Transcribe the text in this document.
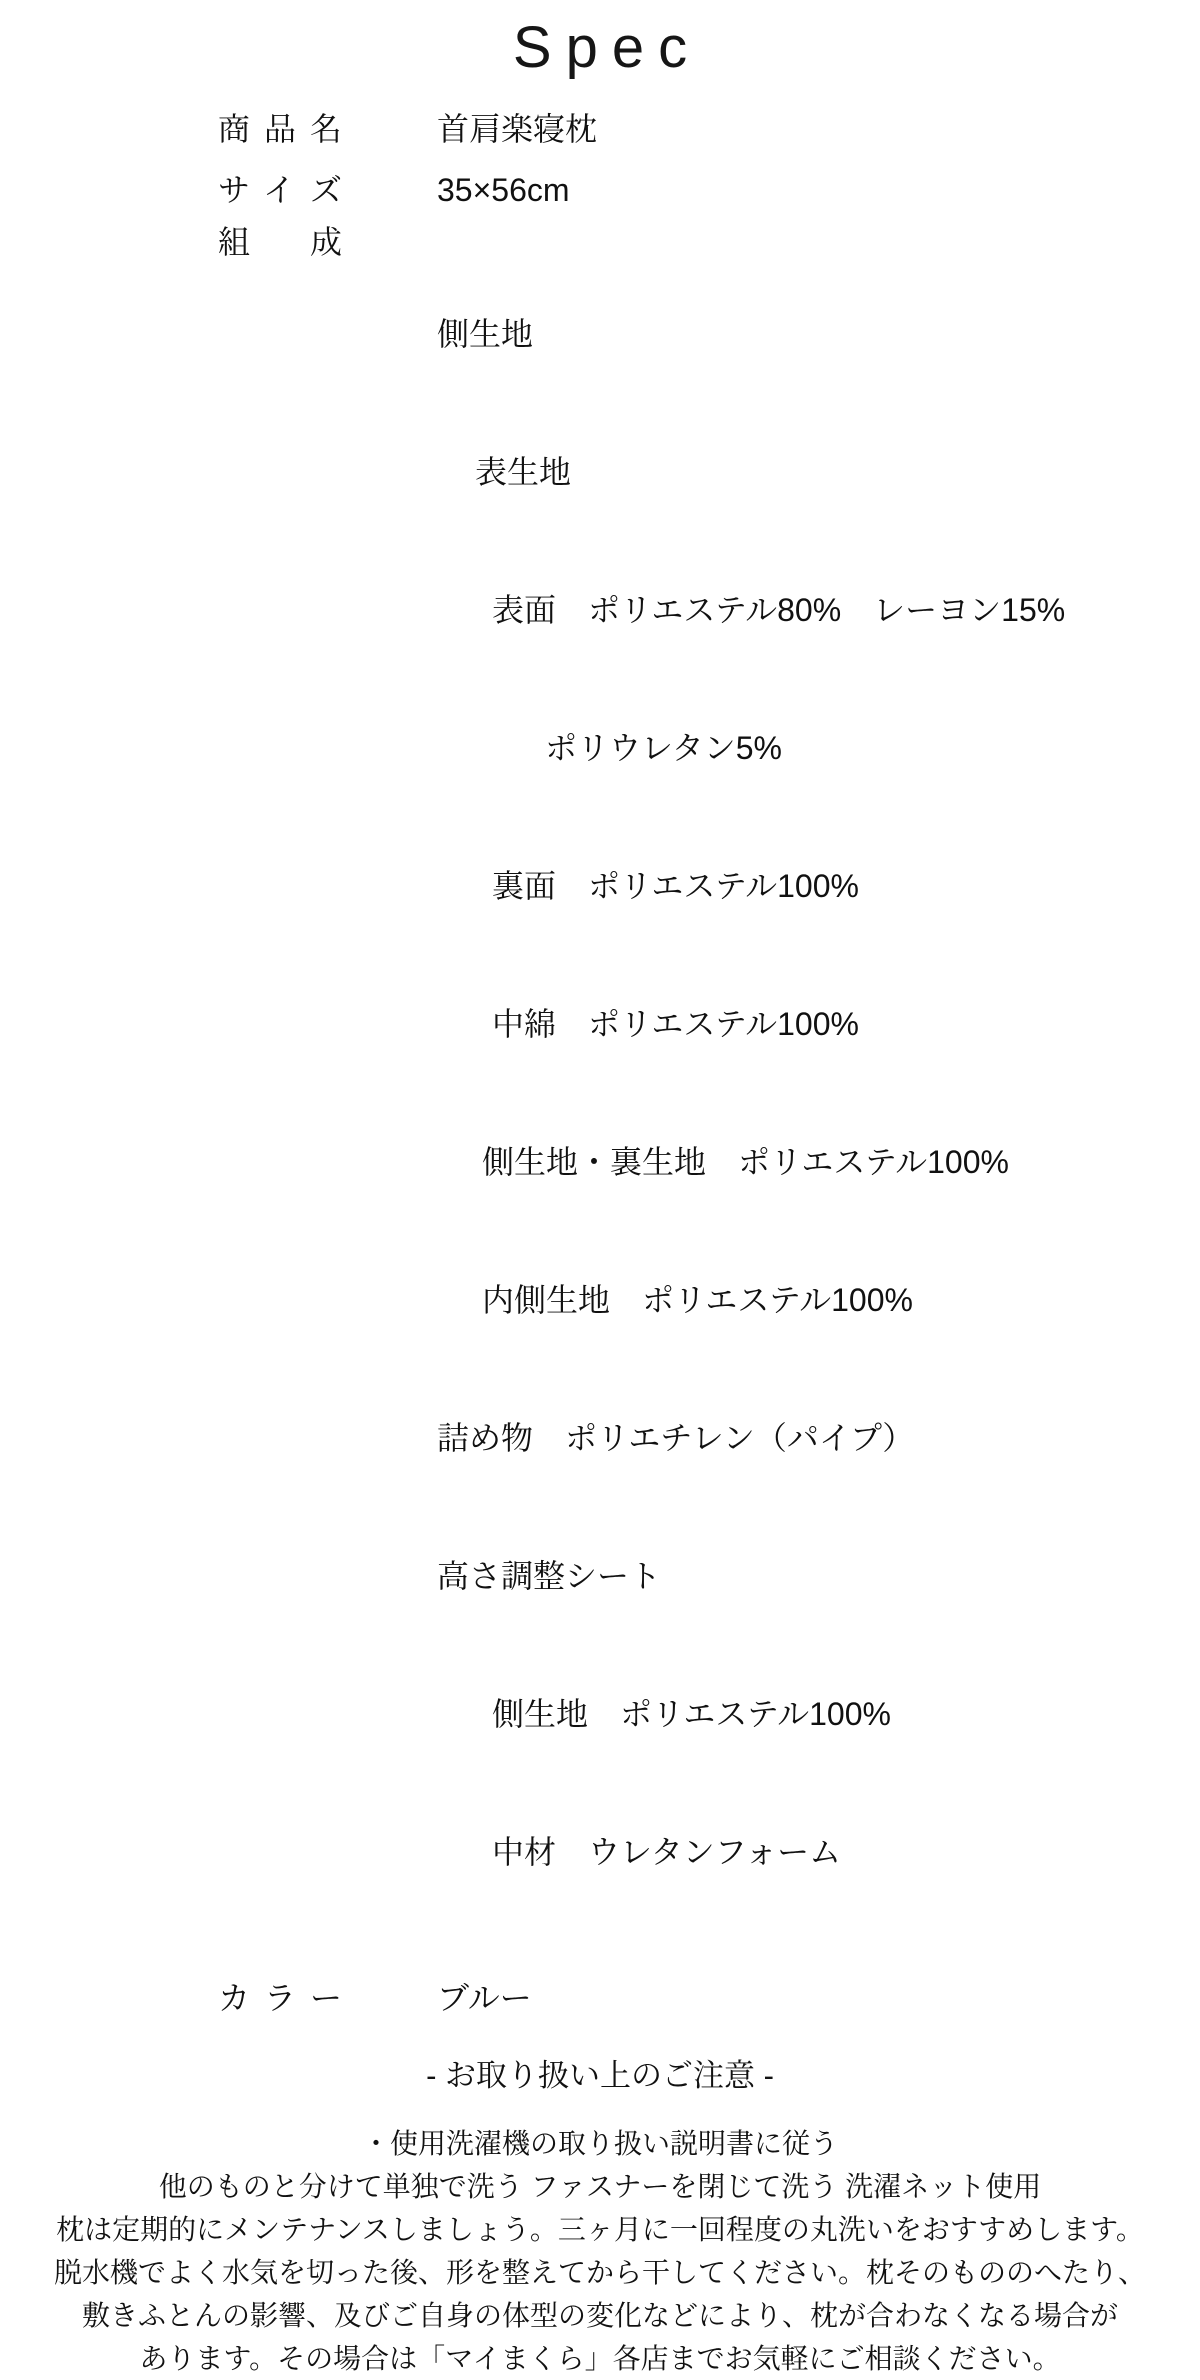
Spec
商品名	首肩楽寝枕
サイズ	35×56cm
組成

側生地

表生地

表面　ポリエステル80%　レーヨン15%

ポリウレタン5%

裏面　ポリエステル100%

中綿　ポリエステル100%

側生地・裏生地　ポリエステル100%

内側生地　ポリエステル100%

詰め物　ポリエチレン（パイプ）

高さ調整シート

側生地　ポリエステル100%

中材　ウレタンフォーム

カラー	ブルー
- お取り扱い上のご注意 -
・使用洗濯機の取り扱い説明書に従う
他のものと分けて単独で洗う ファスナーを閉じて洗う 洗濯ネット使用
枕は定期的にメンテナンスしましょう。三ヶ月に一回程度の丸洗いをおすすめします。
脱水機でよく水気を切った後、形を整えてから干してください。枕そのもののへたり、
敷きふとんの影響、及びご自身の体型の変化などにより、枕が合わなくなる場合が
あります。その場合は「マイまくら」各店までお気軽にご相談ください。
